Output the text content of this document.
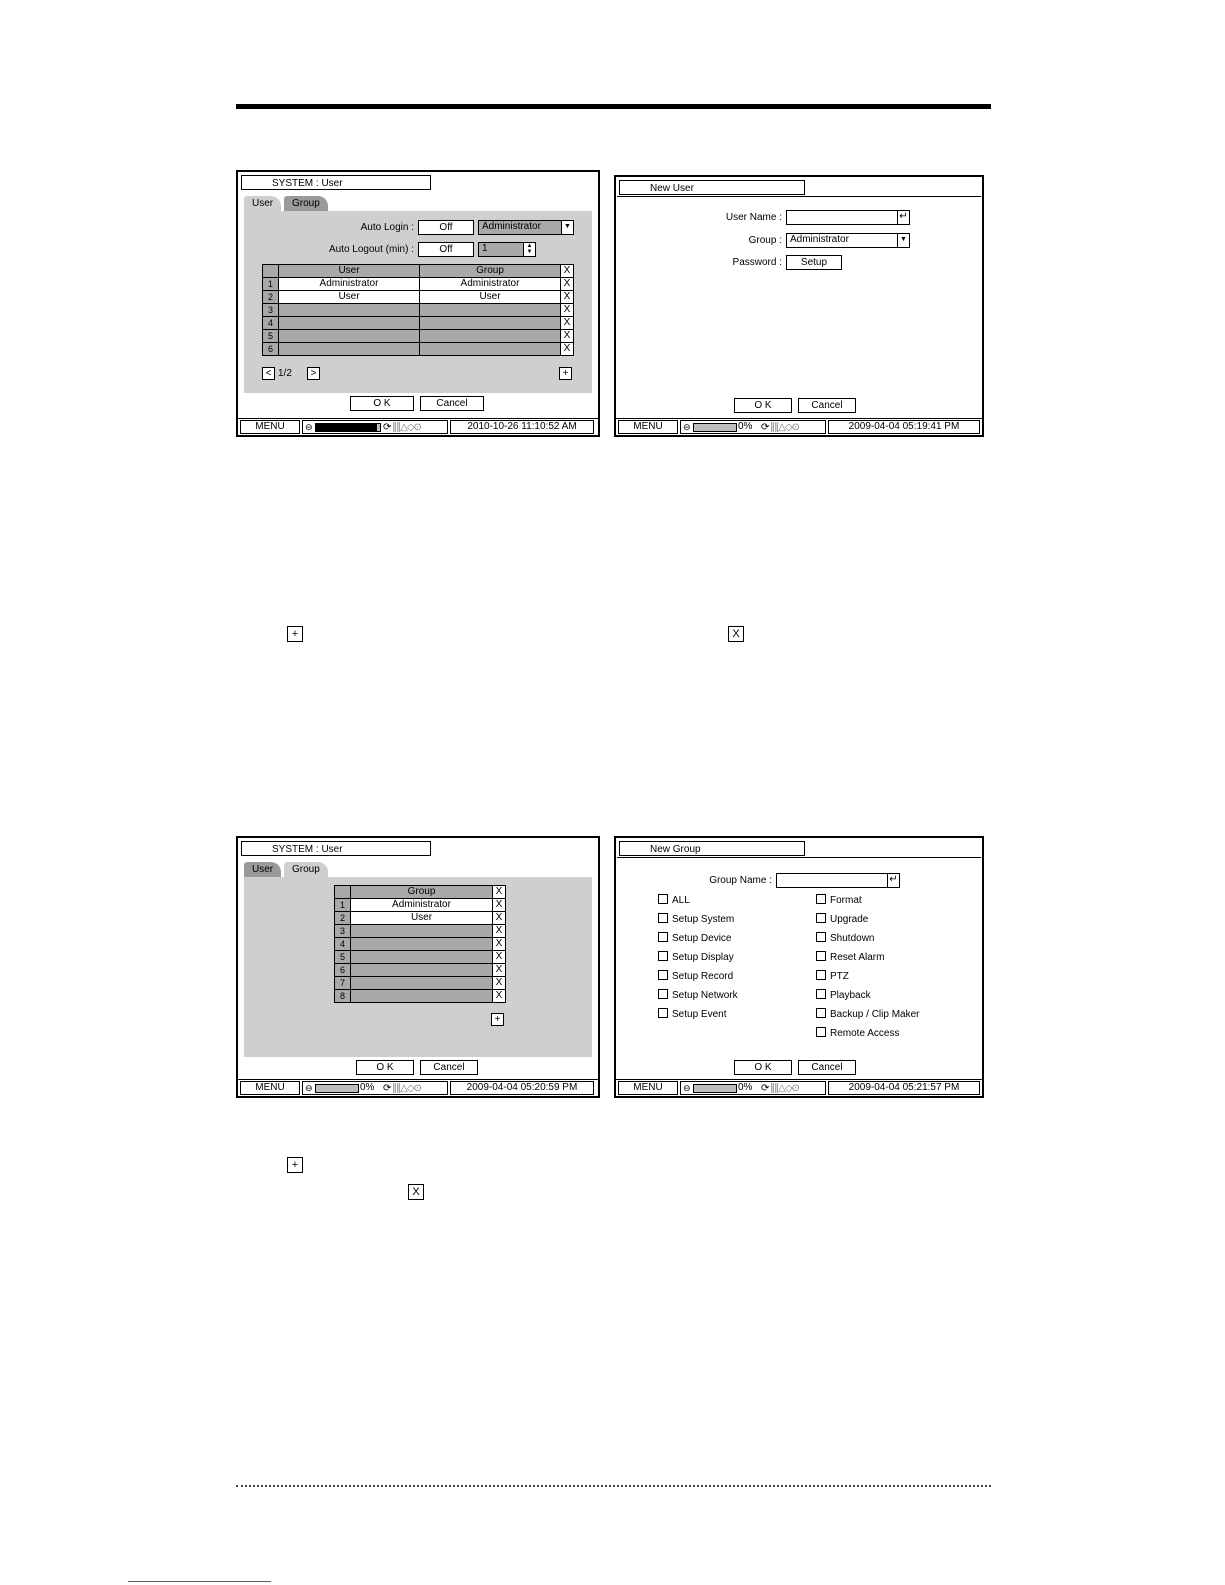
SYSTEM : User
User	Group
Auto Login :	Off	Administrator	▼
Auto Logout (min) :	Off	1	▲
▼
	User	Group	X
1	Administrator	Administrator	X
2	User	User	X
3			X
4			X
5			X
6			X
< 1/2	>	+
O K	Cancel
MENU	⊖	⟳ ∥∥△◇⊙	2010-10-26 11:10:52 AM
New User
User Name :	↵
Group : Administrator	▼
Password :	Setup
O K	Cancel
MENU	⊖	0% ⟳ ∥∥△◇⊙	2009-04-04 05:19:41 PM
+	X
SYSTEM : User
User	Group
	Group	X
1	Administrator	X
2	User	X
3		X
4		X
5		X
6		X
7		X
8		X
+
O K	Cancel
MENU	⊖	0% ⟳ ∥∥△◇⊙	2009-04-04 05:20:59 PM
New Group
Group Name :	↵
ALL
Setup System
Setup Device
Setup Display
Setup Record
Setup Network
Setup Event
Format
Upgrade
Shutdown
Reset Alarm
PTZ
Playback
Backup / Clip Maker
Remote Access
O K	Cancel
MENU	⊖	0% ⟳ ∥∥△◇⊙	2009-04-04 05:21:57 PM
+
X
